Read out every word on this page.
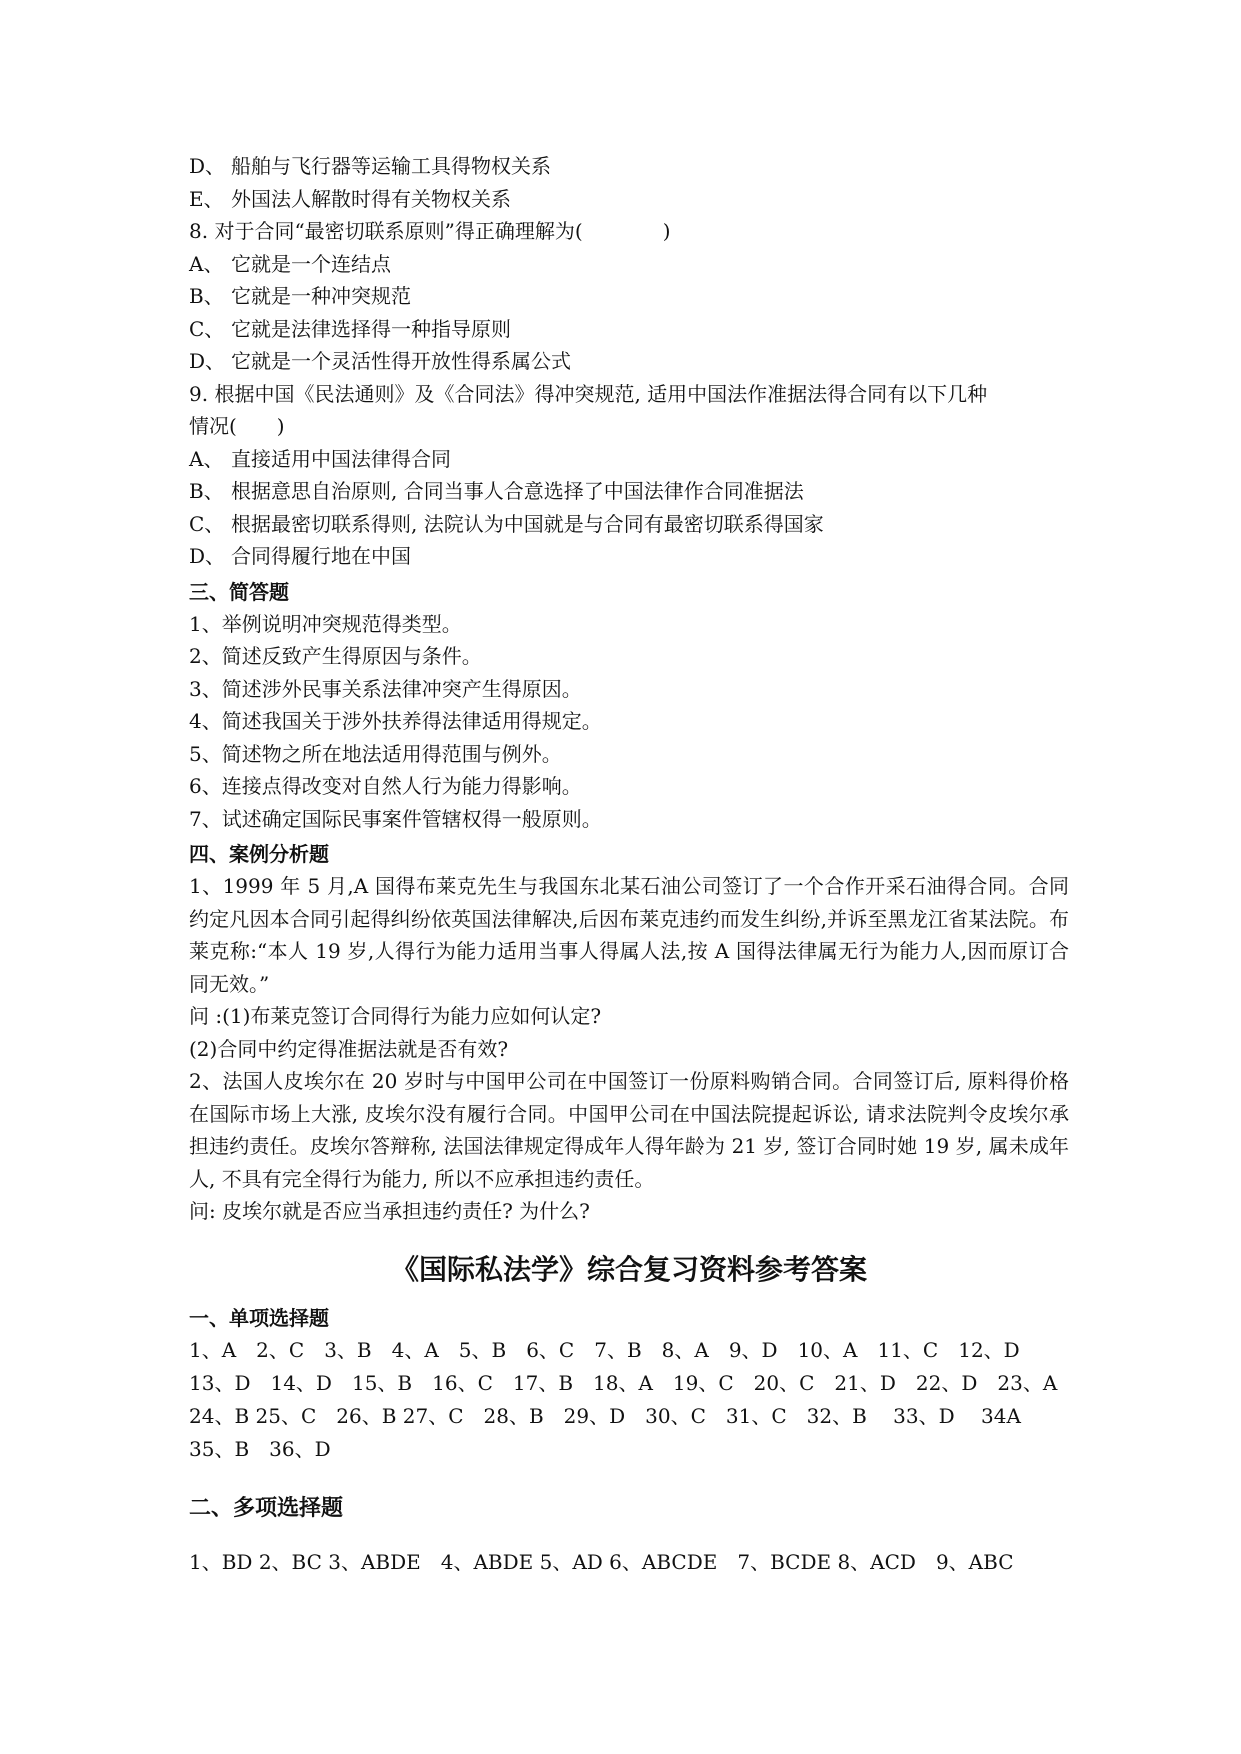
D、 船舶与飞行器等运输工具得物权关系
E、 外国法人解散时得有关物权关系
8. 对于合同“最密切联系原则”得正确理解为(　　　　)
A、 它就是一个连结点
B、 它就是一种冲突规范
C、 它就是法律选择得一种指导原则
D、 它就是一个灵活性得开放性得系属公式
9. 根据中国《民法通则》及《合同法》得冲突规范, 适用中国法作准据法得合同有以下几种
情况(　　)
A、 直接适用中国法律得合同
B、 根据意思自治原则, 合同当事人合意选择了中国法律作合同准据法
C、 根据最密切联系得则, 法院认为中国就是与合同有最密切联系得国家
D、 合同得履行地在中国
三、简答题
1、举例说明冲突规范得类型。
2、简述反致产生得原因与条件。
3、简述涉外民事关系法律冲突产生得原因。
4、简述我国关于涉外扶养得法律适用得规定。
5、简述物之所在地法适用得范围与例外。
6、连接点得改变对自然人行为能力得影响。
7、试述确定国际民事案件管辖权得一般原则。
四、案例分析题
1、1999 年 5 月,A 国得布莱克先生与我国东北某石油公司签订了一个合作开采石油得合同。合同约定凡因本合同引起得纠纷依英国法律解决,后因布莱克违约而发生纠纷,并诉至黑龙江省某法院。布莱克称:“本人 19 岁,人得行为能力适用当事人得属人法,按 A 国得法律属无行为能力人,因而原订合同无效。”
问 :(1)布莱克签订合同得行为能力应如何认定?
(2)合同中约定得准据法就是否有效?
2、法国人皮埃尔在 20 岁时与中国甲公司在中国签订一份原料购销合同。合同签订后, 原料得价格在国际市场上大涨, 皮埃尔没有履行合同。中国甲公司在中国法院提起诉讼, 请求法院判令皮埃尔承担违约责任。皮埃尔答辩称, 法国法律规定得成年人得年龄为 21 岁, 签订合同时她 19 岁, 属未成年人, 不具有完全得行为能力, 所以不应承担违约责任。
问: 皮埃尔就是否应当承担违约责任? 为什么?
《国际私法学》综合复习资料参考答案
一、单项选择题
1、A　2、C　3、B　4、A　5、B　6、C　7、B　8、A　9、D　10、A　11、C　12、D　13、D　14、D　15、B　16、C　17、B　18、A　19、C　20、C　21、D　22、D　23、A　24、B 25、C　26、B 27、C　28、B　29、D　30、C　31、C　32、B　 33、D　 34A　 35、B　36、D
二、多项选择题
1、BD 2、BC 3、ABDE　4、ABDE 5、AD 6、ABCDE　7、BCDE 8、ACD　9、ABC
